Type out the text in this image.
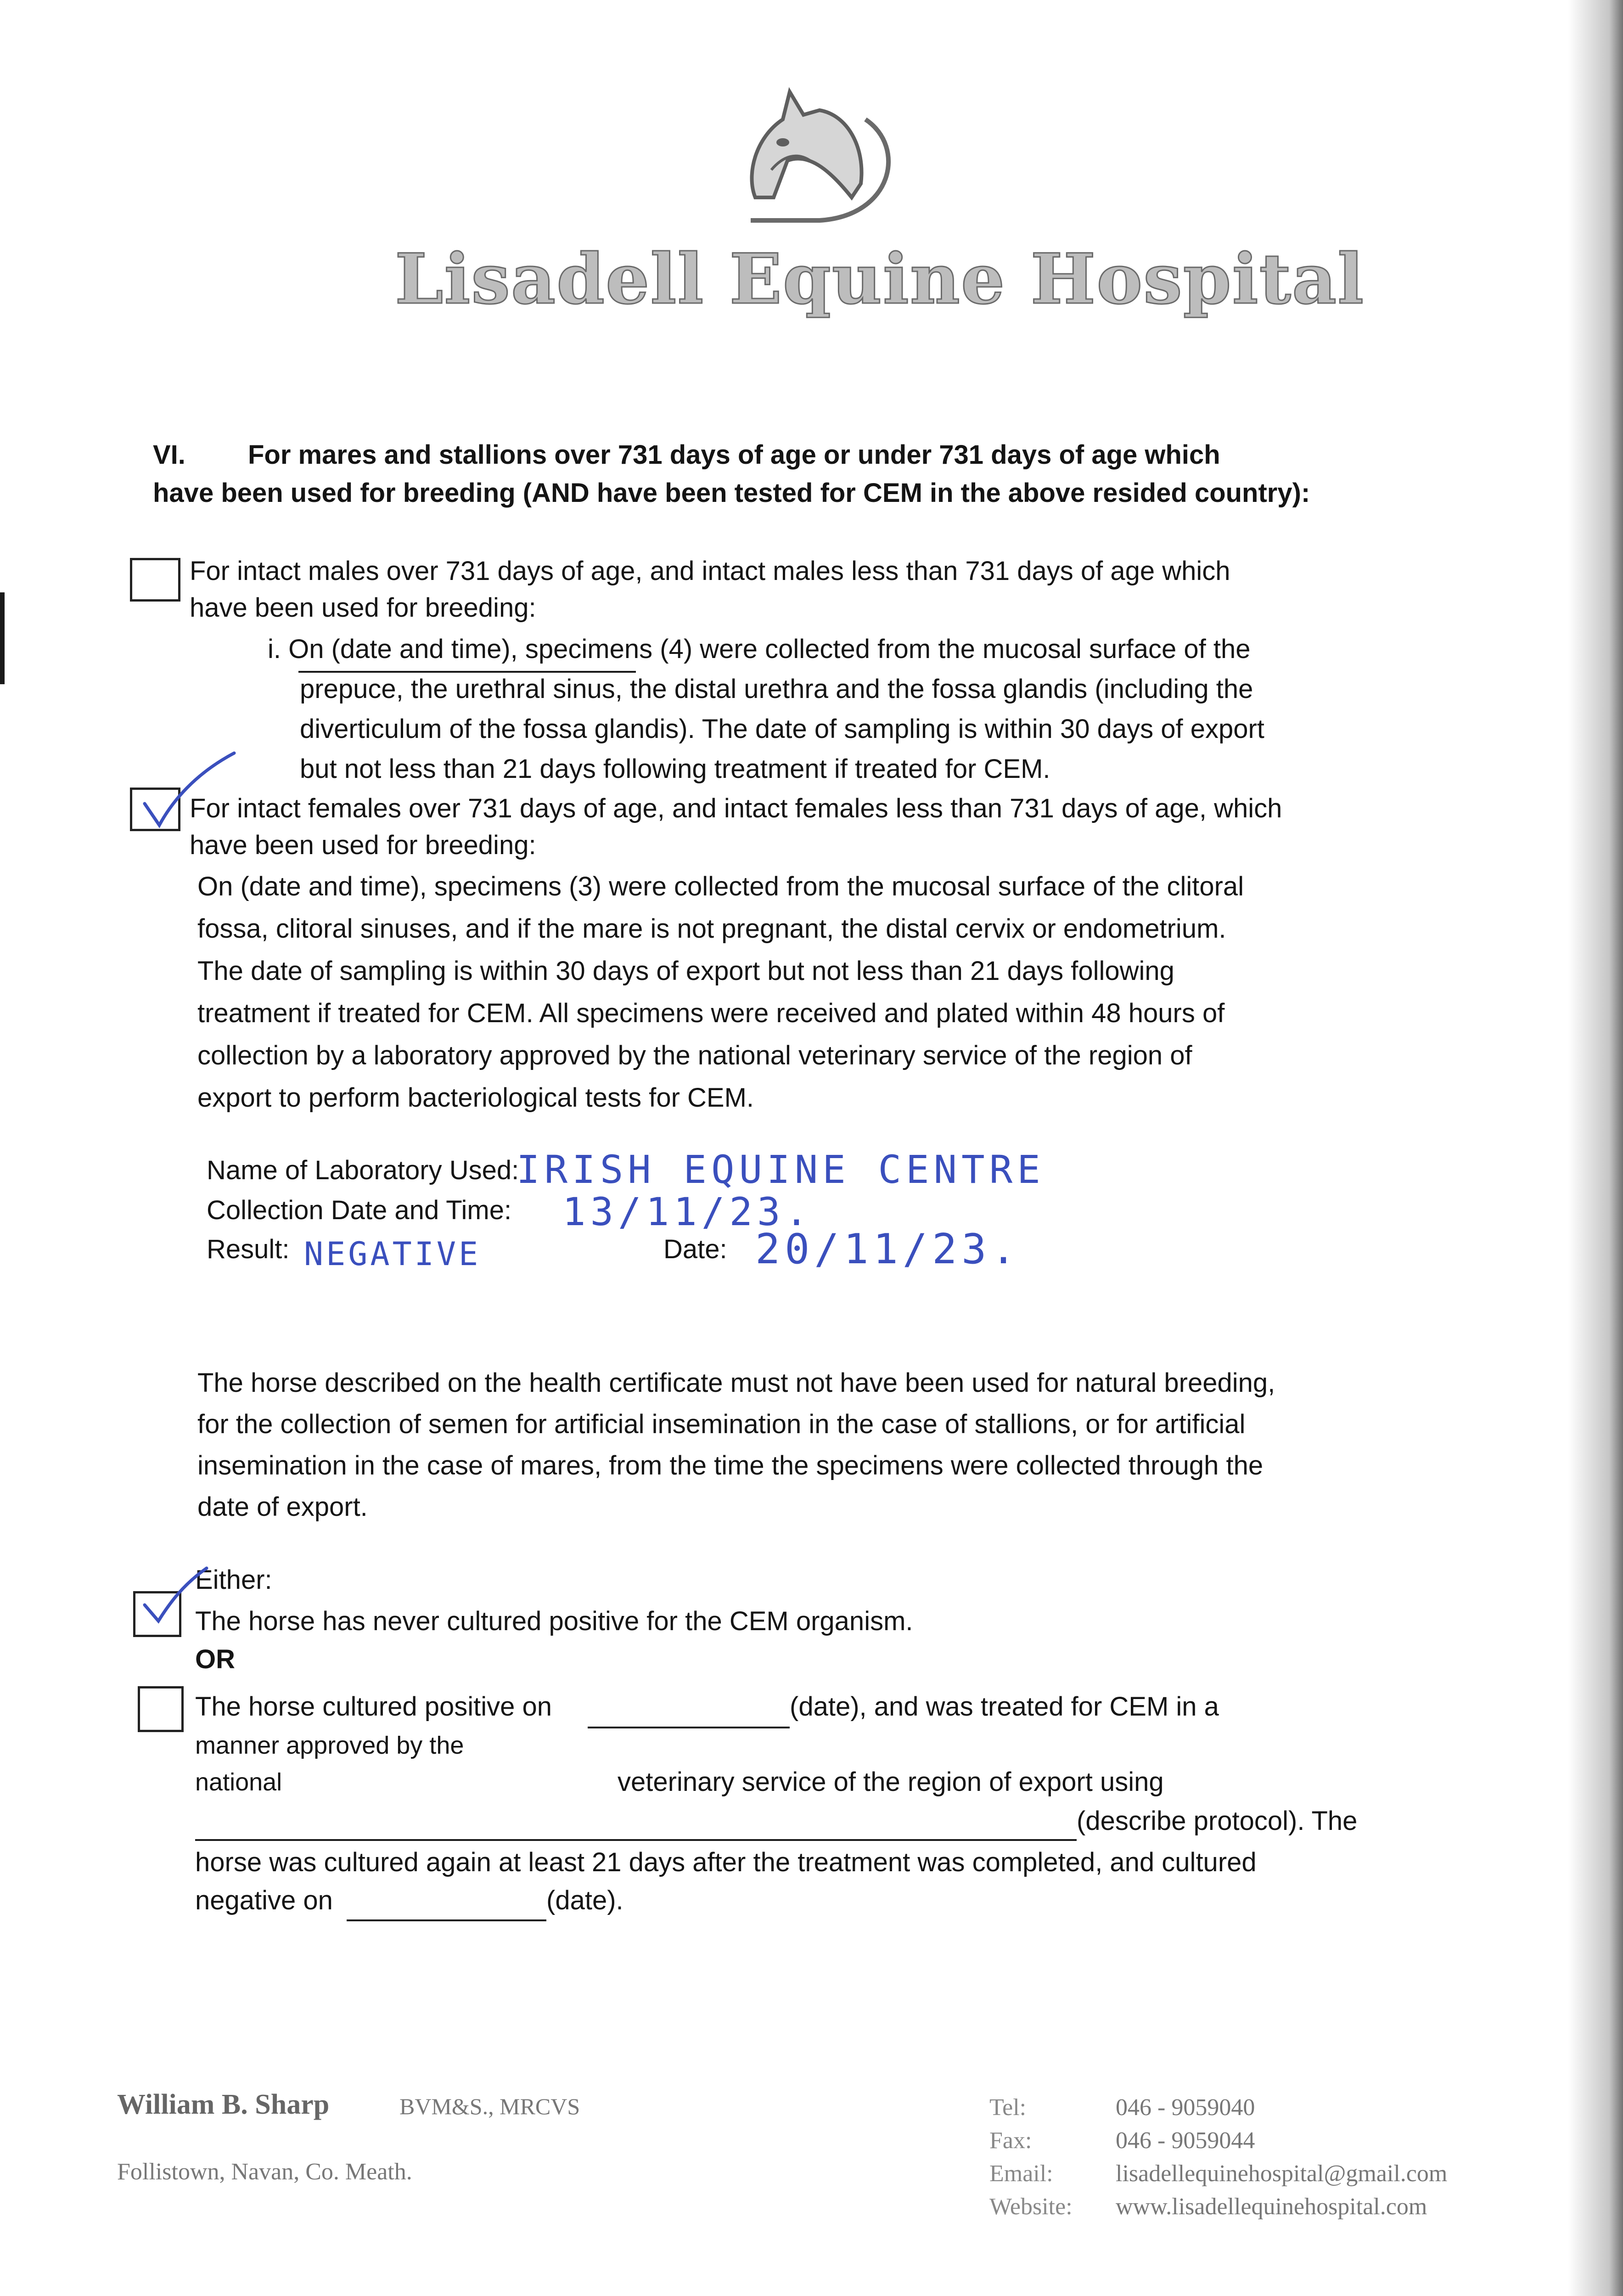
Lisadell Equine Hospital
VI. For mares and stallions over 731 days of age or under 731 days of age which
have been used for breeding (AND have been tested for CEM in the above resided country):
For intact males over 731 days of age, and intact males less than 731 days of age which
have been used for breeding:
i. On (date and time), specimens (4) were collected from the mucosal surface of the
prepuce, the urethral sinus, the distal urethra and the fossa glandis (including the
diverticulum of the fossa glandis). The date of sampling is within 30 days of export
but not less than 21 days following treatment if treated for CEM.
For intact females over 731 days of age, and intact females less than 731 days of age, which
have been used for breeding:
On (date and time), specimens (3) were collected from the mucosal surface of the clitoral
fossa, clitoral sinuses, and if the mare is not pregnant, the distal cervix or endometrium.
The date of sampling is within 30 days of export but not less than 21 days following
treatment if treated for CEM. All specimens were received and plated within 48 hours of
collection by a laboratory approved by the national veterinary service of the region of
export to perform bacteriological tests for CEM.
Name of Laboratory Used:
IRISH EQUINE CENTRE
Collection Date and Time: 13/11/23.
Result: NEGATIVE	Date: 20/11/23.
The horse described on the health certificate must not have been used for natural breeding,
for the collection of semen for artificial insemination in the case of stallions, or for artificial
insemination in the case of mares, from the time the specimens were collected through the
date of export.
Either:
The horse has never cultured positive for the CEM organism.
OR
The horse cultured positive on	(date), and was treated for CEM in a
manner approved by the
national	veterinary service of the region of export using
(describe protocol). The
horse was cultured again at least 21 days after the treatment was completed, and cultured
negative on	(date).
William B. Sharp	BVM&S., MRCVS
Follistown, Navan, Co. Meath.
Tel:	046 - 9059040
Fax:	046 - 9059044
Email:	lisadellequinehospital@gmail.com
Website: www.lisadellequinehospital.com
